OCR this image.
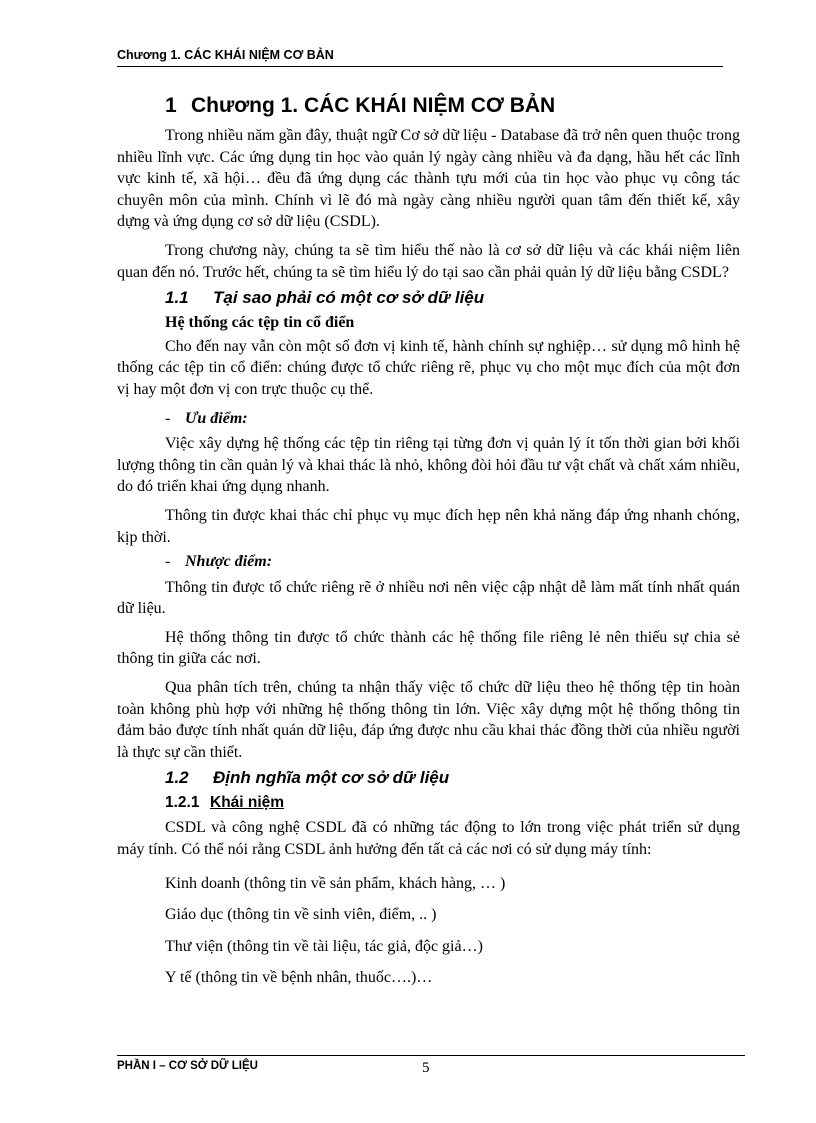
Chương 1. CÁC KHÁI NIỆM CƠ BẢN
1 Chương 1. CÁC KHÁI NIỆM CƠ BẢN
Trong nhiều năm gần đây, thuật ngữ Cơ sở dữ liệu - Database đã trở nên quen thuộc trong nhiều lĩnh vực. Các ứng dụng tin học vào quản lý ngày càng nhiều và đa dạng, hầu hết các lĩnh vực kinh tế, xã hội… đều đã ứng dụng các thành tựu mới của tin học vào phục vụ công tác chuyên môn của mình. Chính vì lẽ đó mà ngày càng nhiều người quan tâm đến thiết kế, xây dựng và ứng dụng cơ sở dữ liệu (CSDL).
Trong chương này, chúng ta sẽ tìm hiểu thế nào là cơ sở dữ liệu và các khái niệm liên quan đến nó. Trước hết, chúng ta sẽ tìm hiểu lý do tại sao cần phải quản lý dữ liệu bằng CSDL?
1.1 Tại sao phải có một cơ sở dữ liệu
Hệ thống các tệp tin cổ điển
Cho đến nay vẫn còn một số đơn vị kinh tế, hành chính sự nghiệp… sử dụng mô hình hệ thống các tệp tin cổ điển: chúng được tổ chức riêng rẽ, phục vụ cho một mục đích của một đơn vị hay một đơn vị con trực thuộc cụ thể.
- Ưu điểm:
Việc xây dựng hệ thống các tệp tin riêng tại từng đơn vị quản lý ít tốn thời gian bởi khối lượng thông tin cần quản lý và khai thác là nhỏ, không đòi hỏi đầu tư vật chất và chất xám nhiều, do đó triển khai ứng dụng nhanh.
Thông tin được khai thác chỉ phục vụ mục đích hẹp nên khả năng đáp ứng nhanh chóng, kịp thời.
- Nhược điểm:
Thông tin được tổ chức riêng rẽ ở nhiều nơi nên việc cập nhật dễ làm mất tính nhất quán dữ liệu.
Hệ thống thông tin được tổ chức thành các hệ thống file riêng lẻ nên thiếu sự chia sẻ thông tin giữa các nơi.
Qua phân tích trên, chúng ta nhận thấy việc tổ chức dữ liệu theo hệ thống tệp tin hoàn toàn không phù hợp với những hệ thống thông tin lớn. Việc xây dựng một hệ thống thông tin đảm bảo được tính nhất quán dữ liệu, đáp ứng được nhu cầu khai thác đồng thời của nhiều người là thực sự cần thiết.
1.2 Định nghĩa một cơ sở dữ liệu
1.2.1 Khái niệm
CSDL và công nghệ CSDL đã có những tác động to lớn trong việc phát triển sử dụng máy tính. Có thể nói rằng CSDL ảnh hưởng đến tất cả các nơi có sử dụng máy tính:
Kinh doanh (thông tin về sản phẩm, khách hàng, … )
Giáo dục (thông tin về sinh viên, điểm, .. )
Thư viện (thông tin về tài liệu, tác giả, độc giả…)
Y tế (thông tin về bệnh nhân, thuốc….)…
PHẦN I – CƠ SỞ DỮ LIỆU	5
